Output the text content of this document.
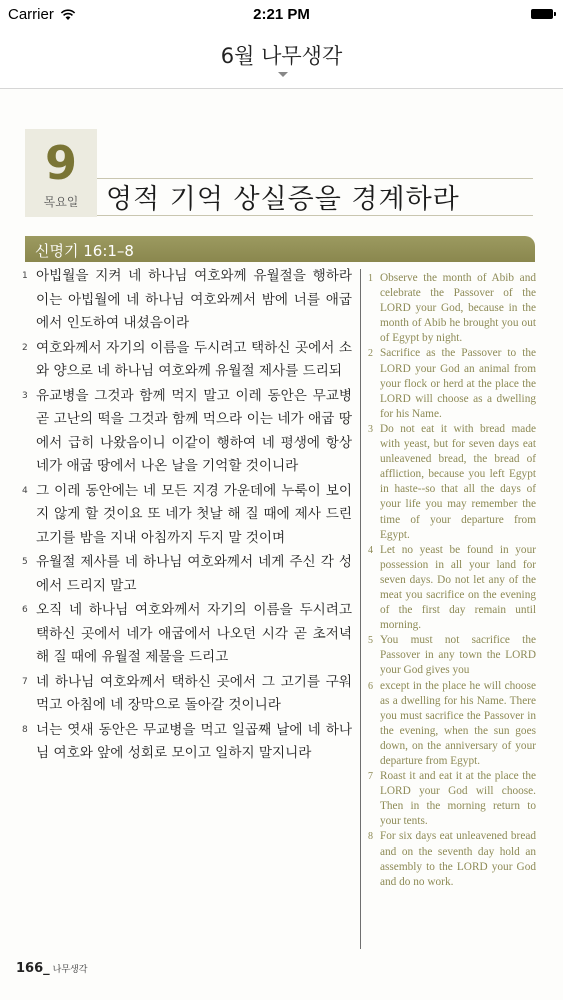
Carrier	2:21 PM
6월 나무생각
9
목요일	영적 기억 상실증을 경계하라
신명기 16:1–8

1 아빕월을 지켜 네 하나님 여호와께 유월절을 행하라 이는 아빕월에 네 하나님 여호와께서 밤에 너를 애굽에서 인도하여 내셨음이라

2 여호와께서 자기의 이름을 두시려고 택하신 곳에서 소와 양으로 네 하나님 여호와께 유월절 제사를 드리되

3 유교병을 그것과 함께 먹지 말고 이레 동안은 무교병 곧 고난의 떡을 그것과 함께 먹으라 이는 네가 애굽 땅에서 급히 나왔음이니 이같이 행하여 네 평생에 항상 네가 애굽 땅에서 나온 날을 기억할 것이니라

4 그 이레 동안에는 네 모든 지경 가운데에 누룩이 보이지 않게 할 것이요 또 네가 첫날 해 질 때에 제사 드린 고기를 밤을 지내 아침까지 두지 말 것이며

5 유월절 제사를 네 하나님 여호와께서 네게 주신 각 성에서 드리지 말고

6 오직 네 하나님 여호와께서 자기의 이름을 두시려고 택하신 곳에서 네가 애굽에서 나오던 시각 곧 초저녁 해 질 때에 유월절 제물을 드리고

7 네 하나님 여호와께서 택하신 곳에서 그 고기를 구워 먹고 아침에 네 장막으로 돌아갈 것이니라

8 너는 엿새 동안은 무교병을 먹고 일곱째 날에 네 하나님 여호와 앞에 성회로 모이고 일하지 말지니라

1 Observe the month of Abib and celebrate the Passover of the LORD your God, because in the month of Abib he brought you out of Egypt by night.

2 Sacrifice as the Passover to the LORD your God an animal from your flock or herd at the place the LORD will choose as a dwelling for his Name.

3 Do not eat it with bread made with yeast, but for seven days eat unleavened bread, the bread of affliction, because you left Egypt in haste--so that all the days of your life you may remember the time of your departure from Egypt.

4 Let no yeast be found in your possession in all your land for seven days. Do not let any of the meat you sacrifice on the evening of the first day remain until morning.

5 You must not sacrifice the Passover in any town the LORD your God gives you

6 except in the place he will choose as a dwelling for his Name. There you must sacrifice the Passover in the evening, when the sun goes down, on the anniversary of your departure from Egypt.

7 Roast it and eat it at the place the LORD your God will choose. Then in the morning return to your tents.

8 For six days eat unleavened bread and on the seventh day hold an assembly to the LORD your God and do no work.

166_ 나무생각
